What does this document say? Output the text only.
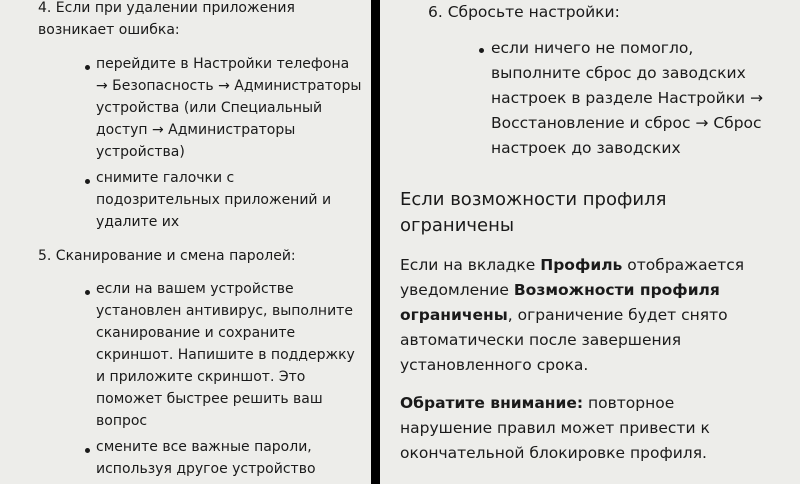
4. Если при удалении приложения возникает ошибка:
перейдите в Настройки телефона → Безопасность → Администраторы устройства (или Специальный доступ → Администраторы устройства)
снимите галочки с подозрительных приложений и удалите их
5. Сканирование и смена паролей:
если на вашем устройстве установлен антивирус, выполните сканирование и сохраните скриншот. Напишите в поддержку и приложите скриншот. Это поможет быстрее решить ваш вопрос
смените все важные пароли, используя другое устройство
6. Сбросьте настройки:
если ничего не помогло, выполните сброс до заводских настроек в разделе Настройки → Восстановление и сброс → Сброс настроек до заводских
Если возможности профиля ограничены
Если на вкладке Профиль отображается уведомление Возможности профиля ограничены, ограничение будет снято автоматически после завершения установленного срока.
Обратите внимание: повторное нарушение правил может привести к окончательной блокировке профиля.
